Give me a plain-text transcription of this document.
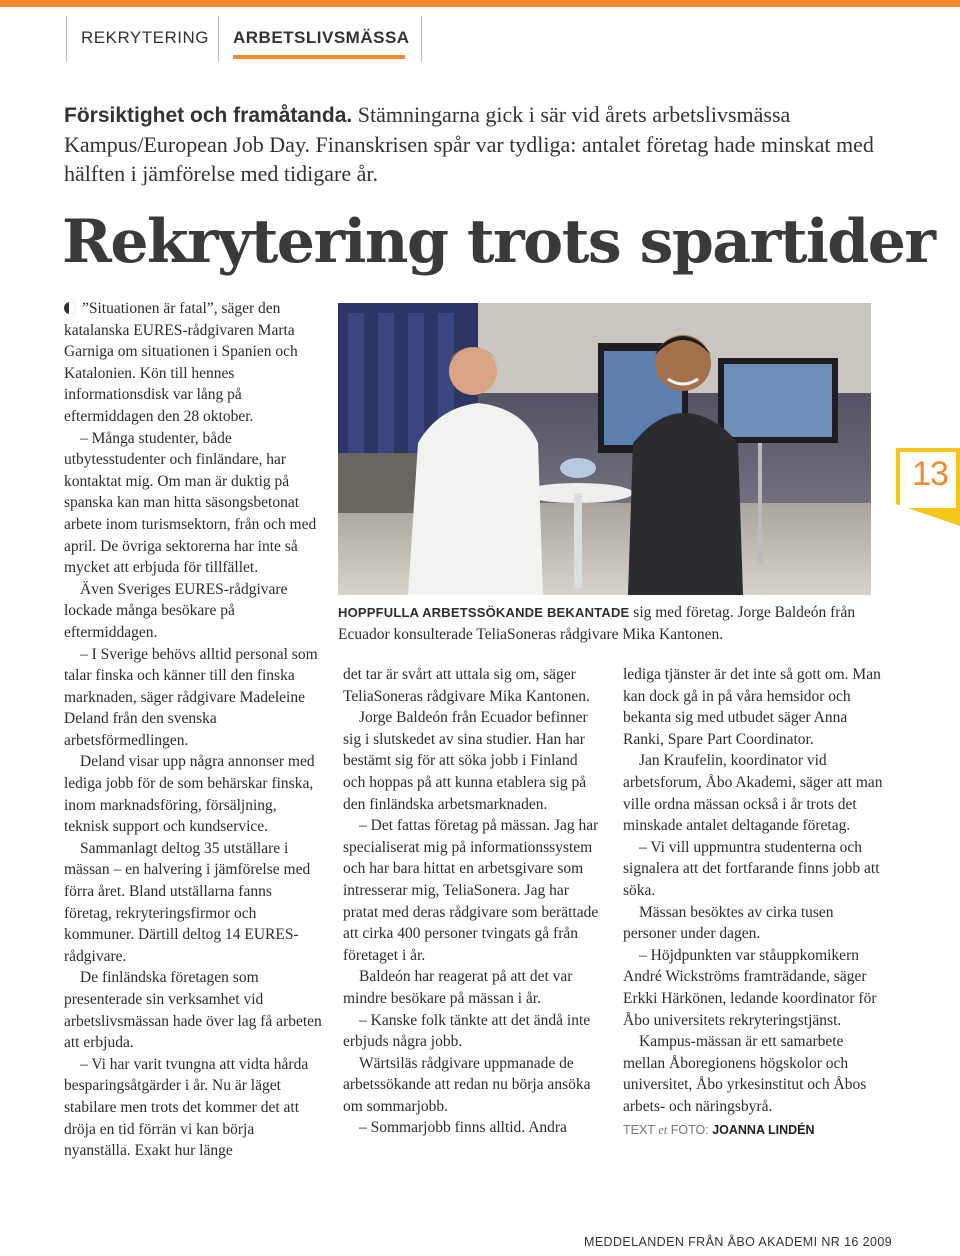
REKRYTERING ARBETSLIVSMÄSSA
Försiktighet och framåtanda. Stämningarna gick i sär vid årets arbetslivsmässa Kampus/European Job Day. Finanskrisen spår var tydliga: antalet företag hade minskat med hälften i jämförelse med tidigare år.
Rekrytering trots spartider

”Situationen är fatal”, säger den katalanska EURES-rådgivaren Marta Garniga om situationen i Spanien och Katalonien. Kön till hennes informationsdisk var lång på eftermiddagen den 28 oktober.

– Många studenter, både utbytesstudenter och finländare, har kontaktat mig. Om man är duktig på spanska kan man hitta säsongsbetonat arbete inom turismsektorn, från och med april. De övriga sektorerna har inte så mycket att erbjuda för tillfället.

Även Sveriges EURES-rådgivare lockade många besökare på eftermiddagen.

– I Sverige behövs alltid personal som talar finska och känner till den finska marknaden, säger rådgivare Madeleine Deland från den svenska arbetsförmedlingen.

Deland visar upp några annonser med lediga jobb för de som behärskar finska, inom marknadsföring, försäljning, teknisk support och kundservice.

Sammanlagt deltog 35 utställare i mässan – en halvering i jämförelse med förra året. Bland utställarna fanns företag, rekryteringsfirmor och kommuner. Därtill deltog 14 EURES-rådgivare.

De finländska företagen som presenterade sin verksamhet vid arbetslivsmässan hade över lag få arbeten att erbjuda.

– Vi har varit tvungna att vidta hårda besparingsåtgärder i år. Nu är läget stabilare men trots det kommer det att dröja en tid förrän vi kan börja nyanställa. Exakt hur länge

HOPPFULLA ARBETSSÖKANDE BEKANTADE sig med företag. Jorge Baldeón från Ecuador konsulterade TeliaSoneras rådgivare Mika Kantonen.

det tar är svårt att uttala sig om, säger TeliaSoneras rådgivare Mika Kantonen.

Jorge Baldeón från Ecuador befinner sig i slutskedet av sina studier. Han har bestämt sig för att söka jobb i Finland och hoppas på att kunna etablera sig på den finländska arbetsmarknaden.

– Det fattas företag på mässan. Jag har specialiserat mig på informationssystem och har bara hittat en arbetsgivare som intresserar mig, TeliaSonera. Jag har pratat med deras rådgivare som berättade att cirka 400 personer tvingats gå från företaget i år.

Baldeón har reagerat på att det var mindre besökare på mässan i år.

– Kanske folk tänkte att det ändå inte erbjuds några jobb.

Wärtsiläs rådgivare uppmanade de arbetssökande att redan nu börja ansöka om sommarjobb.

– Sommarjobb finns alltid. Andra

lediga tjänster är det inte så gott om. Man kan dock gå in på våra hemsidor och bekanta sig med utbudet säger Anna Ranki, Spare Part Coordinator.

Jan Kraufelin, koordinator vid arbetsforum, Åbo Akademi, säger att man ville ordna mässan också i år trots det minskade antalet deltagande företag.

– Vi vill uppmuntra studenterna och signalera att det fortfarande finns jobb att söka.

Mässan besöktes av cirka tusen personer under dagen.

– Höjdpunkten var ståuppkomikern André Wickströms framträdande, säger Erkki Härkönen, ledande koordinator för Åbo universitets rekryteringstjänst.

Kampus-mässan är ett samarbete mellan Åboregionens högskolor och universitet, Åbo yrkesinstitut och Åbos arbets- och näringsbyrå.

TEXT et FOTO: JOANNA LINDÉN
13
MEDDELANDEN FRÅN ÅBO AKADEMI NR 16 2009
